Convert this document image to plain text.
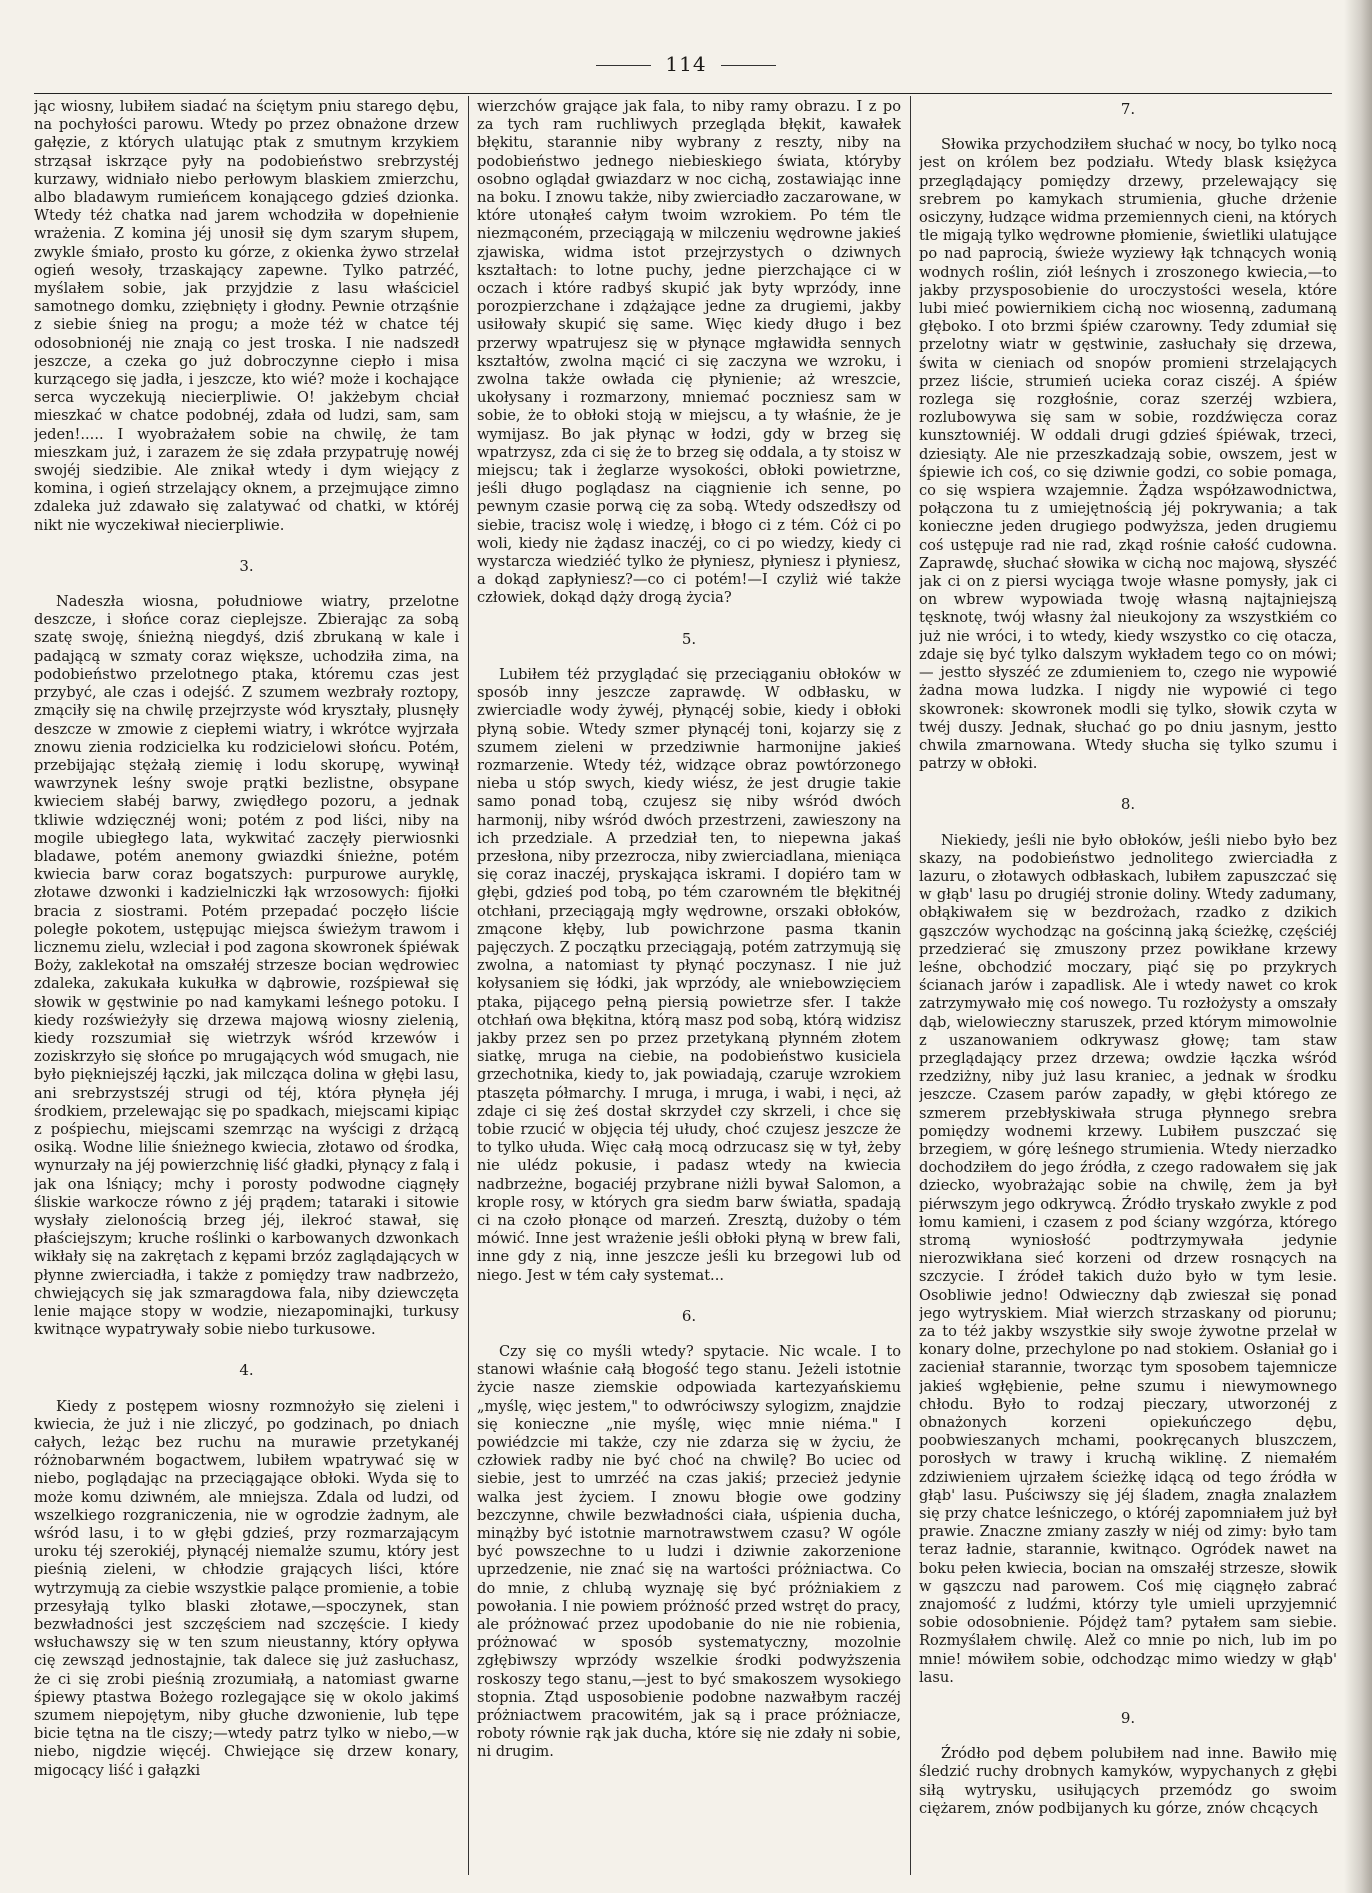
114

jąc wiosny, lubiłem siadać na ściętym pniu starego dębu, na pochyłości parowu. Wtedy po przez obnażone drzew gałęzie, z których ulatując ptak z smutnym krzykiem strząsał iskrzące pyły na podobieństwo srebrzystéj kurzawy, widniało niebo perłowym blaskiem zmierzchu, albo bladawym rumieńcem konającego gdzieś dzionka. Wtedy téż chatka nad jarem wchodziła w dopełnienie wrażenia. Z komina jéj unosił się dym szarym słupem, zwykle śmiało, prosto ku górze, z okienka żywo strzelał ogień wesoły, trzaskający zapewne. Tylko patrzéć, myślałem sobie, jak przyjdzie z lasu właściciel samotnego domku, zziębnięty i głodny. Pewnie otrząśnie z siebie śnieg na progu; a może téż w chatce téj odosobnionéj nie znają co jest troska. I nie nadszedł jeszcze, a czeka go już dobroczynne ciepło i misa kurzącego się jadła, i jeszcze, kto wié? może i kochające serca wyczekują niecierpliwie. O! jakżebym chciał mieszkać w chatce podobnéj, zdała od ludzi, sam, sam jeden!..... I wyobrażałem sobie na chwilę, że tam mieszkam już, i zarazem że się zdała przypatruję nowéj swojéj siedzibie. Ale znikał wtedy i dym wiejący z komina, i ogień strzelający oknem, a przejmujące zimno zdaleka już zdawało się zalatywać od chatki, w któréj nikt nie wyczekiwał niecierpliwie.

3.

Nadeszła wiosna, południowe wiatry, przelotne deszcze, i słońce coraz cieplejsze. Zbierając za sobą szatę swoję, śnieżną niegdyś, dziś zbrukaną w kale i padającą w szmaty coraz większe, uchodziła zima, na podobieństwo przelotnego ptaka, któremu czas jest przybyć, ale czas i odejść. Z szumem wezbrały roztopy, zmąciły się na chwilę przejrzyste wód kryształy, plusnęły deszcze w zmowie z ciepłemi wiatry, i wkrótce wyjrzała znowu zienia rodzicielka ku rodzicielowi słońcu. Potém, przebijając stężałą ziemię i lodu skorupę, wywinął wawrzynek leśny swoje prątki bezlistne, obsypane kwieciem słabéj barwy, zwiędłego pozoru, a jednak tkliwie wdzięcznéj woni; potém z pod liści, niby na mogile ubiegłego lata, wykwitać zaczęły pierwiosnki bladawe, potém anemony gwiazdki śnieżne, potém kwiecia barw coraz bogatszych: purpurowe auryklę, złotawe dzwonki i kadzielniczki łąk wrzosowych: fijołki bracia z siostrami. Potém przepadać poczęło liście poległe pokotem, ustępując miejsca świeżym trawom i licznemu zielu, wzleciał i pod zagona skowronek śpiéwak Boży, zaklekotał na omszałéj strzesze bocian wędrowiec zdaleka, zakukała kukułka w dąbrowie, rozśpiewał się słowik w gęstwinie po nad kamykami leśnego potoku. I kiedy rozświeżyły się drzewa majową wiosny zielenią, kiedy rozszumiał się wietrzyk wśród krzewów i zoziskrzyło się słońce po mrugających wód smugach, nie było piękniejszéj łączki, jak milcząca dolina w głębi lasu, ani srebrzystszéj strugi od téj, która płynęła jéj środkiem, przelewając się po spadkach, miejscami kipiąc z pośpiechu, miejscami szemrząc na wyścigi z drżącą osiką. Wodne lilie śnieżnego kwiecia, złotawo od środka, wynurzały na jéj powierzchnię liść gładki, płynący z falą i jak ona lśniący; mchy i porosty podwodne ciągnęły śliskie warkocze równo z jéj prądem; tataraki i sitowie wysłały zielonością brzeg jéj, ilekroć stawał, się płaściejszym; kruche roślinki o karbowanych dzwonkach wikłały się na zakrętach z kępami brzóz zaglądających w płynne zwierciadła, i także z pomiędzy traw nadbrzeżo, chwiejących się jak szmaragdowa fala, niby dziewczęta lenie mające stopy w wodzie, niezapominajki, turkusy kwitnące wypatrywały sobie niebo turkusowe.

4.

Kiedy z postępem wiosny rozmnożyło się zieleni i kwiecia, że już i nie zliczyć, po godzinach, po dniach całych, leżąc bez ruchu na murawie przetykanéj różnobarwném bogactwem, lubiłem wpatrywać się w niebo, poglądając na przeciągające obłoki. Wyda się to może komu dziwném, ale mniejsza. Zdala od ludzi, od wszelkiego rozgraniczenia, nie w ogrodzie żadnym, ale wśród lasu, i to w głębi gdzieś, przy rozmarzającym uroku téj szerokiéj, płynącéj niemalże szumu, który jest pieśnią zieleni, w chłodzie grających liści, które wytrzymują za ciebie wszystkie palące promienie, a tobie przesyłają tylko blaski złotawe,—spoczynek, stan bezwładności jest szczęściem nad szczęście. I kiedy wsłuchawszy się w ten szum nieustanny, który opływa cię zewsząd jednostajnie, tak dalece się już zasłuchasz, że ci się zrobi pieśnią zrozumiałą, a natomiast gwarne śpiewy ptastwa Bożego rozlegające się w okolo jakimś szumem niepojętym, niby głuche dzwonienie, lub tępe bicie tętna na tle ciszy;—wtedy patrz tylko w niebo,—w niebo, nigdzie więcéj. Chwiejące się drzew konary, migocący liść i gałązki

wierzchów grające jak fala, to niby ramy obrazu. I z po za tych ram ruchliwych przegląda błękit, kawałek błękitu, starannie niby wybrany z reszty, niby na podobieństwo jednego niebieskiego świata, któryby osobno oglądał gwiazdarz w noc cichą, zostawiając inne na boku. I znowu także, niby zwierciadło zaczarowane, w które utonąłeś całym twoim wzrokiem. Po tém tle niezmąconém, przeciągają w milczeniu wędrowne jakieś zjawiska, widma istot przejrzystych o dziwnych kształtach: to lotne puchy, jedne pierzchające ci w oczach i które radbyś skupić jak byty wprzódy, inne porozpierzchane i zdążające jedne za drugiemi, jakby usiłowały skupić się same. Więc kiedy długo i bez przerwy wpatrujesz się w płynące mgławidła sennych kształtów, zwolna mącić ci się zaczyna we wzroku, i zwolna także owłada cię płynienie; aż wreszcie, ukołysany i rozmarzony, mniemać poczniesz sam w sobie, że to obłoki stoją w miejscu, a ty właśnie, że je wymijasz. Bo jak płynąc w łodzi, gdy w brzeg się wpatrzysz, zda ci się że to brzeg się oddala, a ty stoisz w miejscu; tak i żeglarze wysokości, obłoki powietrzne, jeśli długo poglądasz na ciągnienie ich senne, po pewnym czasie porwą cię za sobą. Wtedy odszedłszy od siebie, tracisz wolę i wiedzę, i błogo ci z tém. Cóż ci po woli, kiedy nie żądasz inaczéj, co ci po wiedzy, kiedy ci wystarcza wiedziéć tylko że płyniesz, płyniesz i płyniesz, a dokąd zapłyniesz?—co ci potém!—I czyliż wié także człowiek, dokąd dąży drogą życia?

5.

Lubiłem téż przyglądać się przeciąganiu obłoków w sposób inny jeszcze zaprawdę. W odbłasku, w zwierciadle wody żywéj, płynącéj sobie, kiedy i obłoki płyną sobie. Wtedy szmer płynącéj toni, kojarzy się z szumem zieleni w przedziwnie harmonijne jakieś rozmarzenie. Wtedy téż, widzące obraz powtórzonego nieba u stóp swych, kiedy wiész, że jest drugie takie samo ponad tobą, czujesz się niby wśród dwóch harmonij, niby wśród dwóch przestrzeni, zawieszony na ich przedziale. A przedział ten, to niepewna jakaś przesłona, niby przezrocza, niby zwierciadlana, mieniąca się coraz inaczéj, pryskająca iskrami. I dopiéro tam w głębi, gdzieś pod tobą, po tém czarowném tle błękitnéj otchłani, przeciągają mgły wędrowne, orszaki obłoków, zmącone kłęby, lub powichrzone pasma tkanin pajęczych. Z początku przeciągają, potém zatrzymują się zwolna, a natomiast ty płynąć poczynasz. I nie już kołysaniem się łódki, jak wprzódy, ale wniebowzięciem ptaka, pijącego pełną piersią powietrze sfer. I także otchłań owa błękitna, którą masz pod sobą, którą widzisz jakby przez sen po przez przetykaną płynném złotem siatkę, mruga na ciebie, na podobieństwo kusiciela grzechotnika, kiedy to, jak powiadają, czaruje wzrokiem ptaszęta półmarchy. I mruga, i mruga, i wabi, i nęci, aż zdaje ci się żeś dostał skrzydeł czy skrzeli, i chce się tobie rzucić w objęcia téj ułudy, choć czujesz jeszcze że to tylko ułuda. Więc całą mocą odrzucasz się w tył, żeby nie ulédz pokusie, i padasz wtedy na kwiecia nadbrzeżne, bogaciéj przybrane niżli bywał Salomon, a krople rosy, w których gra siedm barw światła, spadają ci na czoło płonące od marzeń. Zresztą, dużoby o tém mówić. Inne jest wrażenie jeśli obłoki płyną w brew fali, inne gdy z nią, inne jeszcze jeśli ku brzegowi lub od niego. Jest w tém cały systemat...

6.

Czy się co myśli wtedy? spytacie. Nic wcale. I to stanowi właśnie całą błogość tego stanu. Jeżeli istotnie życie nasze ziemskie odpowiada kartezyańskiemu „myślę, więc jestem," to odwróciwszy sylogizm, znajdzie się konieczne „nie myślę, więc mnie niéma." I powiédzcie mi także, czy nie zdarza się w życiu, że człowiek radby nie być choć na chwilę? Bo uciec od siebie, jest to umrzéć na czas jakiś; przecież jedynie walka jest życiem. I znowu błogie owe godziny bezczynne, chwile bezwładności ciała, uśpienia ducha, minążby być istotnie marnotrawstwem czasu? W ogóle być powszechne to u ludzi i dziwnie zakorzenione uprzedzenie, nie znać się na wartości próżniactwa. Co do mnie, z chlubą wyznaję się być próżniakiem z powołania. I nie powiem próżność przed wstręt do pracy, ale próżnować przez upodobanie do nie nie robienia, próżnować w sposób systematyczny, mozolnie zgłębiwszy wprzódy wszelkie środki podwyższenia roskoszy tego stanu,—jest to być smakoszem wysokiego stopnia. Ztąd usposobienie podobne nazwałbym raczéj próżniactwem pracowitém, jak są i prace próżniacze, roboty równie rąk jak ducha, które się nie zdały ni sobie, ni drugim.

7.

Słowika przychodziłem słuchać w nocy, bo tylko nocą jest on królem bez podziału. Wtedy blask księżyca przeglądający pomiędzy drzewy, przelewający się srebrem po kamykach strumienia, głuche drżenie osiczyny, łudzące widma przemiennych cieni, na których tle migają tylko wędrowne płomienie, świetliki ulatujące po nad paprocią, świeże wyziewy łąk tchnących wonią wodnych roślin, ziół leśnych i zroszonego kwiecia,—to jakby przysposobienie do uroczystości wesela, które lubi mieć powiernikiem cichą noc wiosenną, zadumaną głęboko. I oto brzmi śpiéw czarowny. Tedy zdumiał się przelotny wiatr w gęstwinie, zasłuchały się drzewa, świta w cieniach od snopów promieni strzelających przez liście, strumień ucieka coraz ciszéj. A śpiéw rozlega się rozgłośnie, coraz szerzéj wzbiera, rozlubowywa się sam w sobie, rozdźwięcza coraz kunsztowniéj. W oddali drugi gdzieś śpiéwak, trzeci, dziesiąty. Ale nie przeszkadzają sobie, owszem, jest w śpiewie ich coś, co się dziwnie godzi, co sobie pomaga, co się wspiera wzajemnie. Żądza współzawodnictwa, połączona tu z umiejętnością jéj pokrywania; a tak konieczne jeden drugiego podwyższa, jeden drugiemu coś ustępuje rad nie rad, zkąd rośnie całość cudowna. Zaprawdę, słuchać słowika w cichą noc majową, słyszéć jak ci on z piersi wyciąga twoje własne pomysły, jak ci on wbrew wypowiada twoję własną najtajniejszą tęsknotę, twój własny żal nieukojony za wszystkiém co już nie wróci, i to wtedy, kiedy wszystko co cię otacza, zdaje się być tylko dalszym wykładem tego co on mówi;— jestto słyszéć ze zdumieniem to, czego nie wypowié żadna mowa ludzka. I nigdy nie wypowié ci tego skowronek: skowronek modli się tylko, słowik czyta w twéj duszy. Jednak, słuchać go po dniu jasnym, jestto chwila zmarnowana. Wtedy słucha się tylko szumu i patrzy w obłoki.

8.

Niekiedy, jeśli nie było obłoków, jeśli niebo było bez skazy, na podobieństwo jednolitego zwierciadła z lazuru, o złotawych odbłaskach, lubiłem zapuszczać się w głąb' lasu po drugiéj stronie doliny. Wtedy zadumany, obłąkiwałem się w bezdrożach, rzadko z dzikich gąszczów wychodząc na gościnną jaką ścieżkę, częściéj przedzierać się zmuszony przez powikłane krzewy leśne, obchodzić moczary, piąć się po przykrych ścianach jarów i zapadlisk. Ale i wtedy nawet co krok zatrzymywało mię coś nowego. Tu rozłożysty a omszały dąb, wielowieczny staruszek, przed którym mimowolnie z uszanowaniem odkrywasz głowę; tam staw przeglądający przez drzewa; owdzie łączka wśród rzedziżny, niby już lasu kraniec, a jednak w środku jeszcze. Czasem parów zapadły, w głębi którego ze szmerem przebłyskiwała struga płynnego srebra pomiędzy wodnemi krzewy. Lubiłem puszczać się brzegiem, w górę leśnego strumienia. Wtedy nierzadko dochodziłem do jego źródła, z czego radowałem się jak dziecko, wyobrażając sobie na chwilę, żem ja był piérwszym jego odkrywcą. Źródło tryskało zwykle z pod łomu kamieni, i czasem z pod ściany wzgórza, którego stromą wyniosłość podtrzymywała jedynie nierozwikłana sieć korzeni od drzew rosnących na szczycie. I źródeł takich dużo było w tym lesie. Osobliwie jedno! Odwieczny dąb zwieszał się ponad jego wytryskiem. Miał wierzch strzaskany od piorunu; za to téż jakby wszystkie siły swoje żywotne przelał w konary dolne, przechylone po nad stokiem. Osłaniał go i zacieniał starannie, tworząc tym sposobem tajemnicze jakieś wgłębienie, pełne szumu i niewymownego chłodu. Było to rodzaj pieczary, utworzonéj z obnażonych korzeni opiekuńczego dębu, poobwieszanych mchami, pookręcanych bluszczem, porosłych w trawy i kruchą wiklinę. Z niemałém zdziwieniem ujrzałem ścieżkę idącą od tego źródła w głąb' lasu. Puściwszy się jéj śladem, znagła znalazłem się przy chatce leśniczego, o któréj zapomniałem już był prawie. Znaczne zmiany zaszły w niéj od zimy: było tam teraz ładnie, starannie, kwitnąco. Ogródek nawet na boku pełen kwiecia, bocian na omszałéj strzesze, słowik w gąszczu nad parowem. Coś mię ciągnęło zabrać znajomość z ludźmi, którzy tyle umieli uprzyjemnić sobie odosobnienie. Pójdęż tam? pytałem sam siebie. Rozmyślałem chwilę. Alež co mnie po nich, lub im po mnie! mówiłem sobie, odchodząc mimo wiedzy w głąb' lasu.

9.

Źródło pod dębem polubiłem nad inne. Bawiło mię śledzić ruchy drobnych kamyków, wypychanych z głębi siłą wytrysku, usiłujących przemódz go swoim ciężarem, znów podbijanych ku górze, znów chcących
